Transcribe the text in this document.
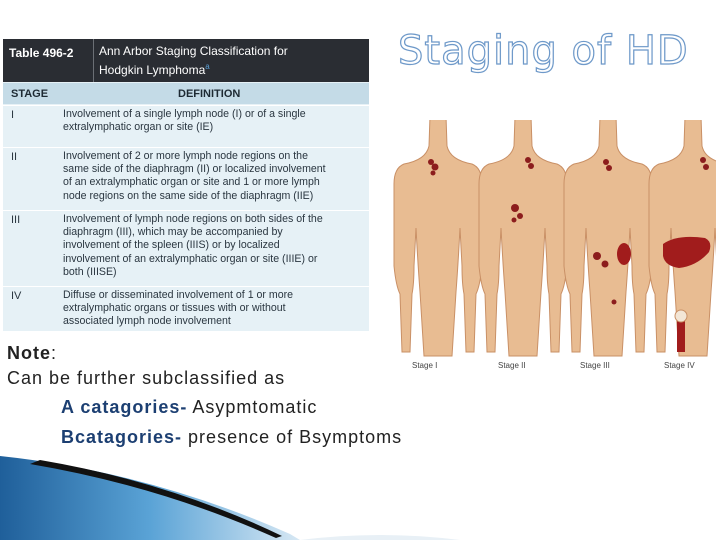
Staging of HD
Table 496-2 Ann Arbor Staging Classification for
Hodgkin Lymphoma$^a$
STAGE	DEFINITION
I	Involvement of a single lymph node (I) or of a single
extralymphatic organ or site (IE)
II	Involvement of 2 or more lymph node regions on the
same side of the diaphragm (II) or localized involvement
of an extralymphatic organ or site and 1 or more lymph
node regions on the same side of the diaphragm (IIE)
III	Involvement of lymph node regions on both sides of the
diaphragm (III), which may be accompanied by
involvement of the spleen (IIIS) or by localized
involvement of an extralymphatic organ or site (IIIE) or
both (IIISE)
IV	Diffuse or disseminated involvement of 1 or more
extralymphatic organs or tissues with or without
associated lymph node involvement
Stage I	Stage II	Stage III	Stage IV
Note:
Can be further subclassified as
A catagories- Asypmtomatic
Bcatagories- presence of Bsymptoms
